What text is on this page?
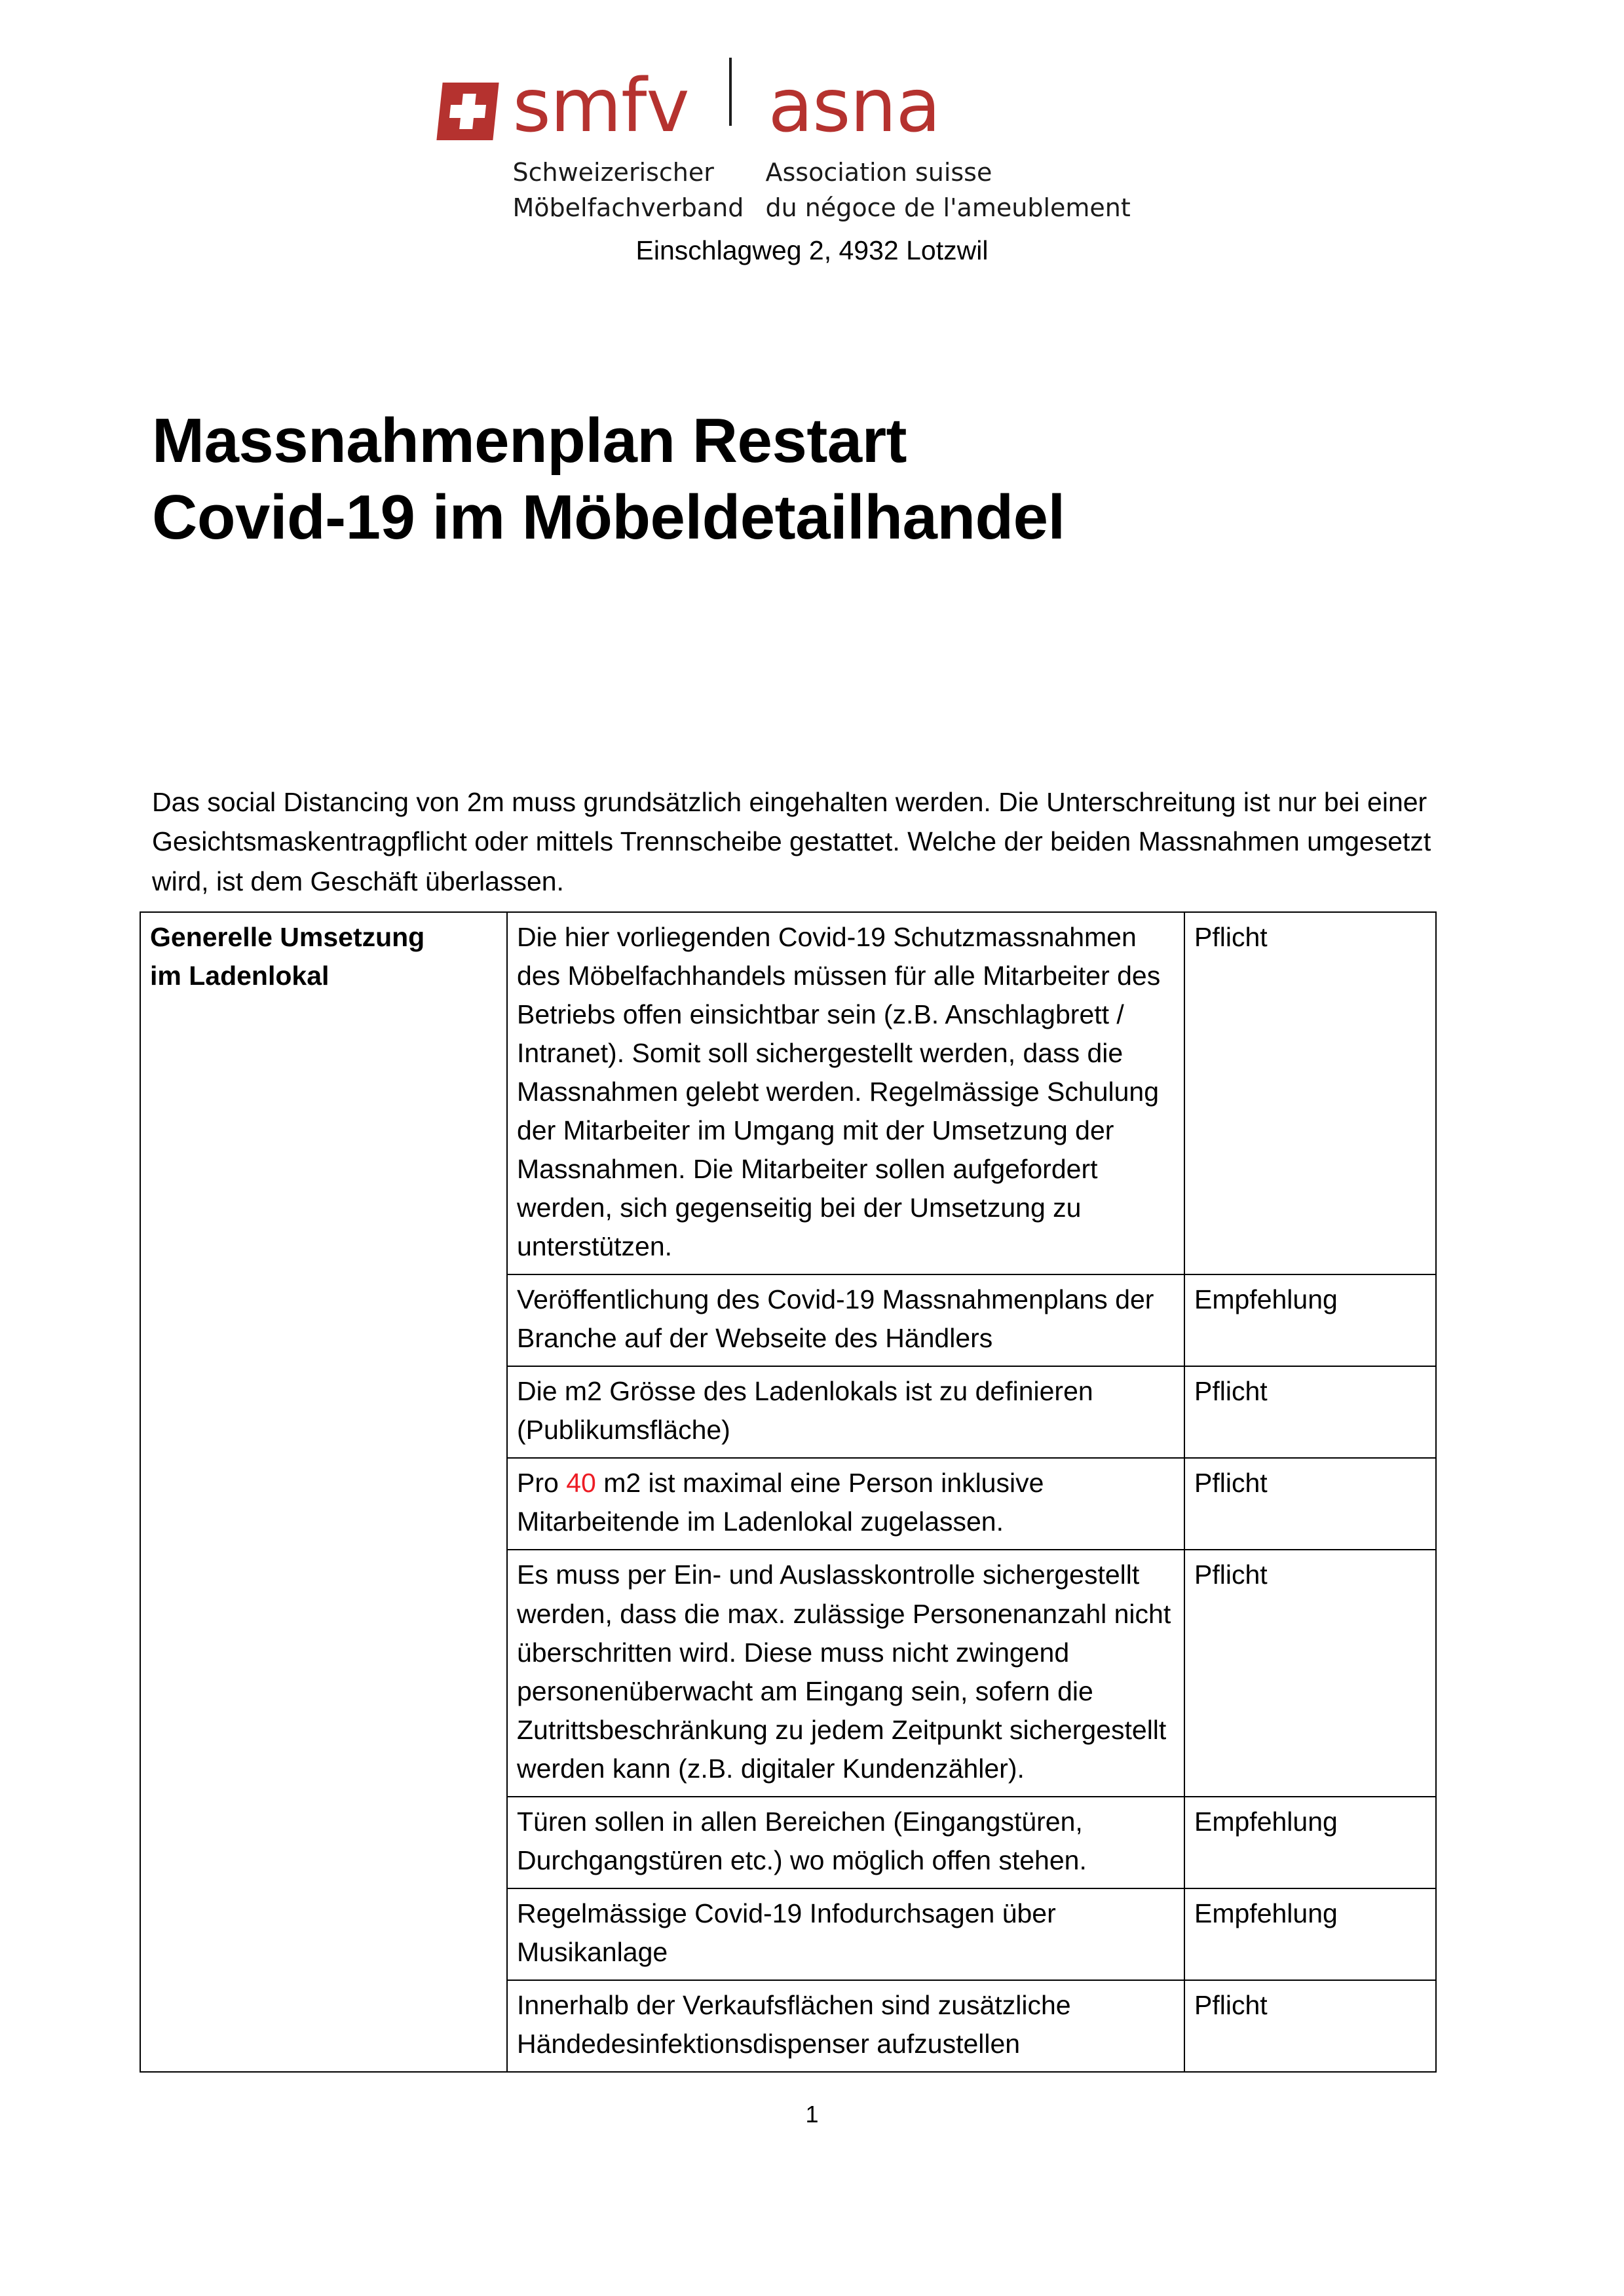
smfv	asna
Schweizerischer
Möbelfachverband
Association suisse
du négoce de l'ameublement
Einschlagweg 2, 4932 Lotzwil
Massnahmenplan Restart
Covid-19 im Möbeldetailhandel

Das social Distancing von 2m muss grundsätzlich eingehalten werden. Die Unterschreitung ist nur bei einer Gesichtsmaskentragpflicht oder mittels Trennscheibe gestattet. Welche der beiden Massnahmen umgesetzt wird, ist dem Geschäft überlassen.

Generelle Umsetzung
im Ladenlokal	Die hier vorliegenden Covid-19 Schutzmassnahmen des Möbelfachhandels müssen für alle Mitarbeiter des Betriebs offen einsichtbar sein (z.B. Anschlagbrett / Intranet). Somit soll sichergestellt werden, dass die Massnahmen gelebt werden. Regelmässige Schulung der Mitarbeiter im Umgang mit der Umsetzung der Massnahmen. Die Mitarbeiter sollen aufgefordert werden, sich gegenseitig bei der Umsetzung zu unterstützen.	Pflicht
	Veröffentlichung des Covid-19 Massnahmenplans der Branche auf der Webseite des Händlers	Empfehlung
	Die m2 Grösse des Ladenlokals ist zu definieren (Publikumsfläche)	Pflicht
	Pro 40 m2 ist maximal eine Person inklusive Mitarbeitende im Ladenlokal zugelassen.	Pflicht
	Es muss per Ein- und Auslasskontrolle sichergestellt werden, dass die max. zulässige Personenanzahl nicht überschritten wird. Diese muss nicht zwingend personenüberwacht am Eingang sein, sofern die Zutrittsbeschränkung zu jedem Zeitpunkt sichergestellt werden kann (z.B. digitaler Kundenzähler).	Pflicht
	Türen sollen in allen Bereichen (Eingangstüren, Durchgangstüren etc.) wo möglich offen stehen.	Empfehlung
	Regelmässige Covid-19 Infodurchsagen über Musikanlage	Empfehlung
	Innerhalb der Verkaufsflächen sind zusätzliche Händedesinfektionsdispenser aufzustellen	Pflicht
1
